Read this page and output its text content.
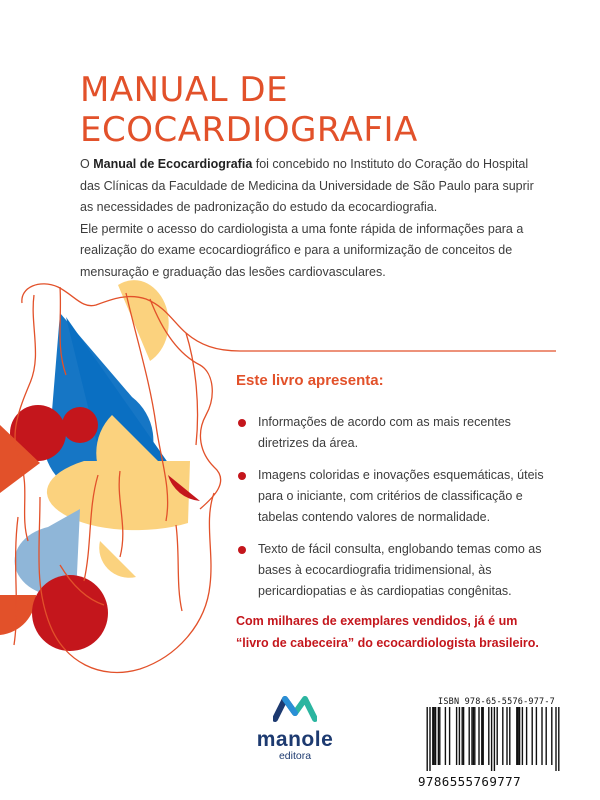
MANUAL DE
ECOCARDIOGRAFIA

O Manual de Ecocardiografia foi concebido no Instituto do Coração do Hospital das Clínicas da Faculdade de Medicina da Universidade de São Paulo para suprir as necessidades de padronização do estudo da ecocardiografia.

Ele permite o acesso do cardiologista a uma fonte rápida de informações para a realização do exame ecocardiográfico e para a uniformização de conceitos de mensuração e graduação das lesões cardiovasculares.

Este livro apresenta:
Informações de acordo com as mais recentes diretrizes da área.
Imagens coloridas e inovações esquemáticas, úteis para o iniciante, com critérios de classificação e tabelas contendo valores de normalidade.
Texto de fácil consulta, englobando temas como as bases à ecocardiografia tridimensional, às pericardiopatias e às cardiopatias congênitas.
Com milhares de exemplares vendidos, já é um
“livro de cabeceira” do ecocardiologista brasileiro.
manole
editora
ISBN 978-65-5576-977-7
9786555769777
